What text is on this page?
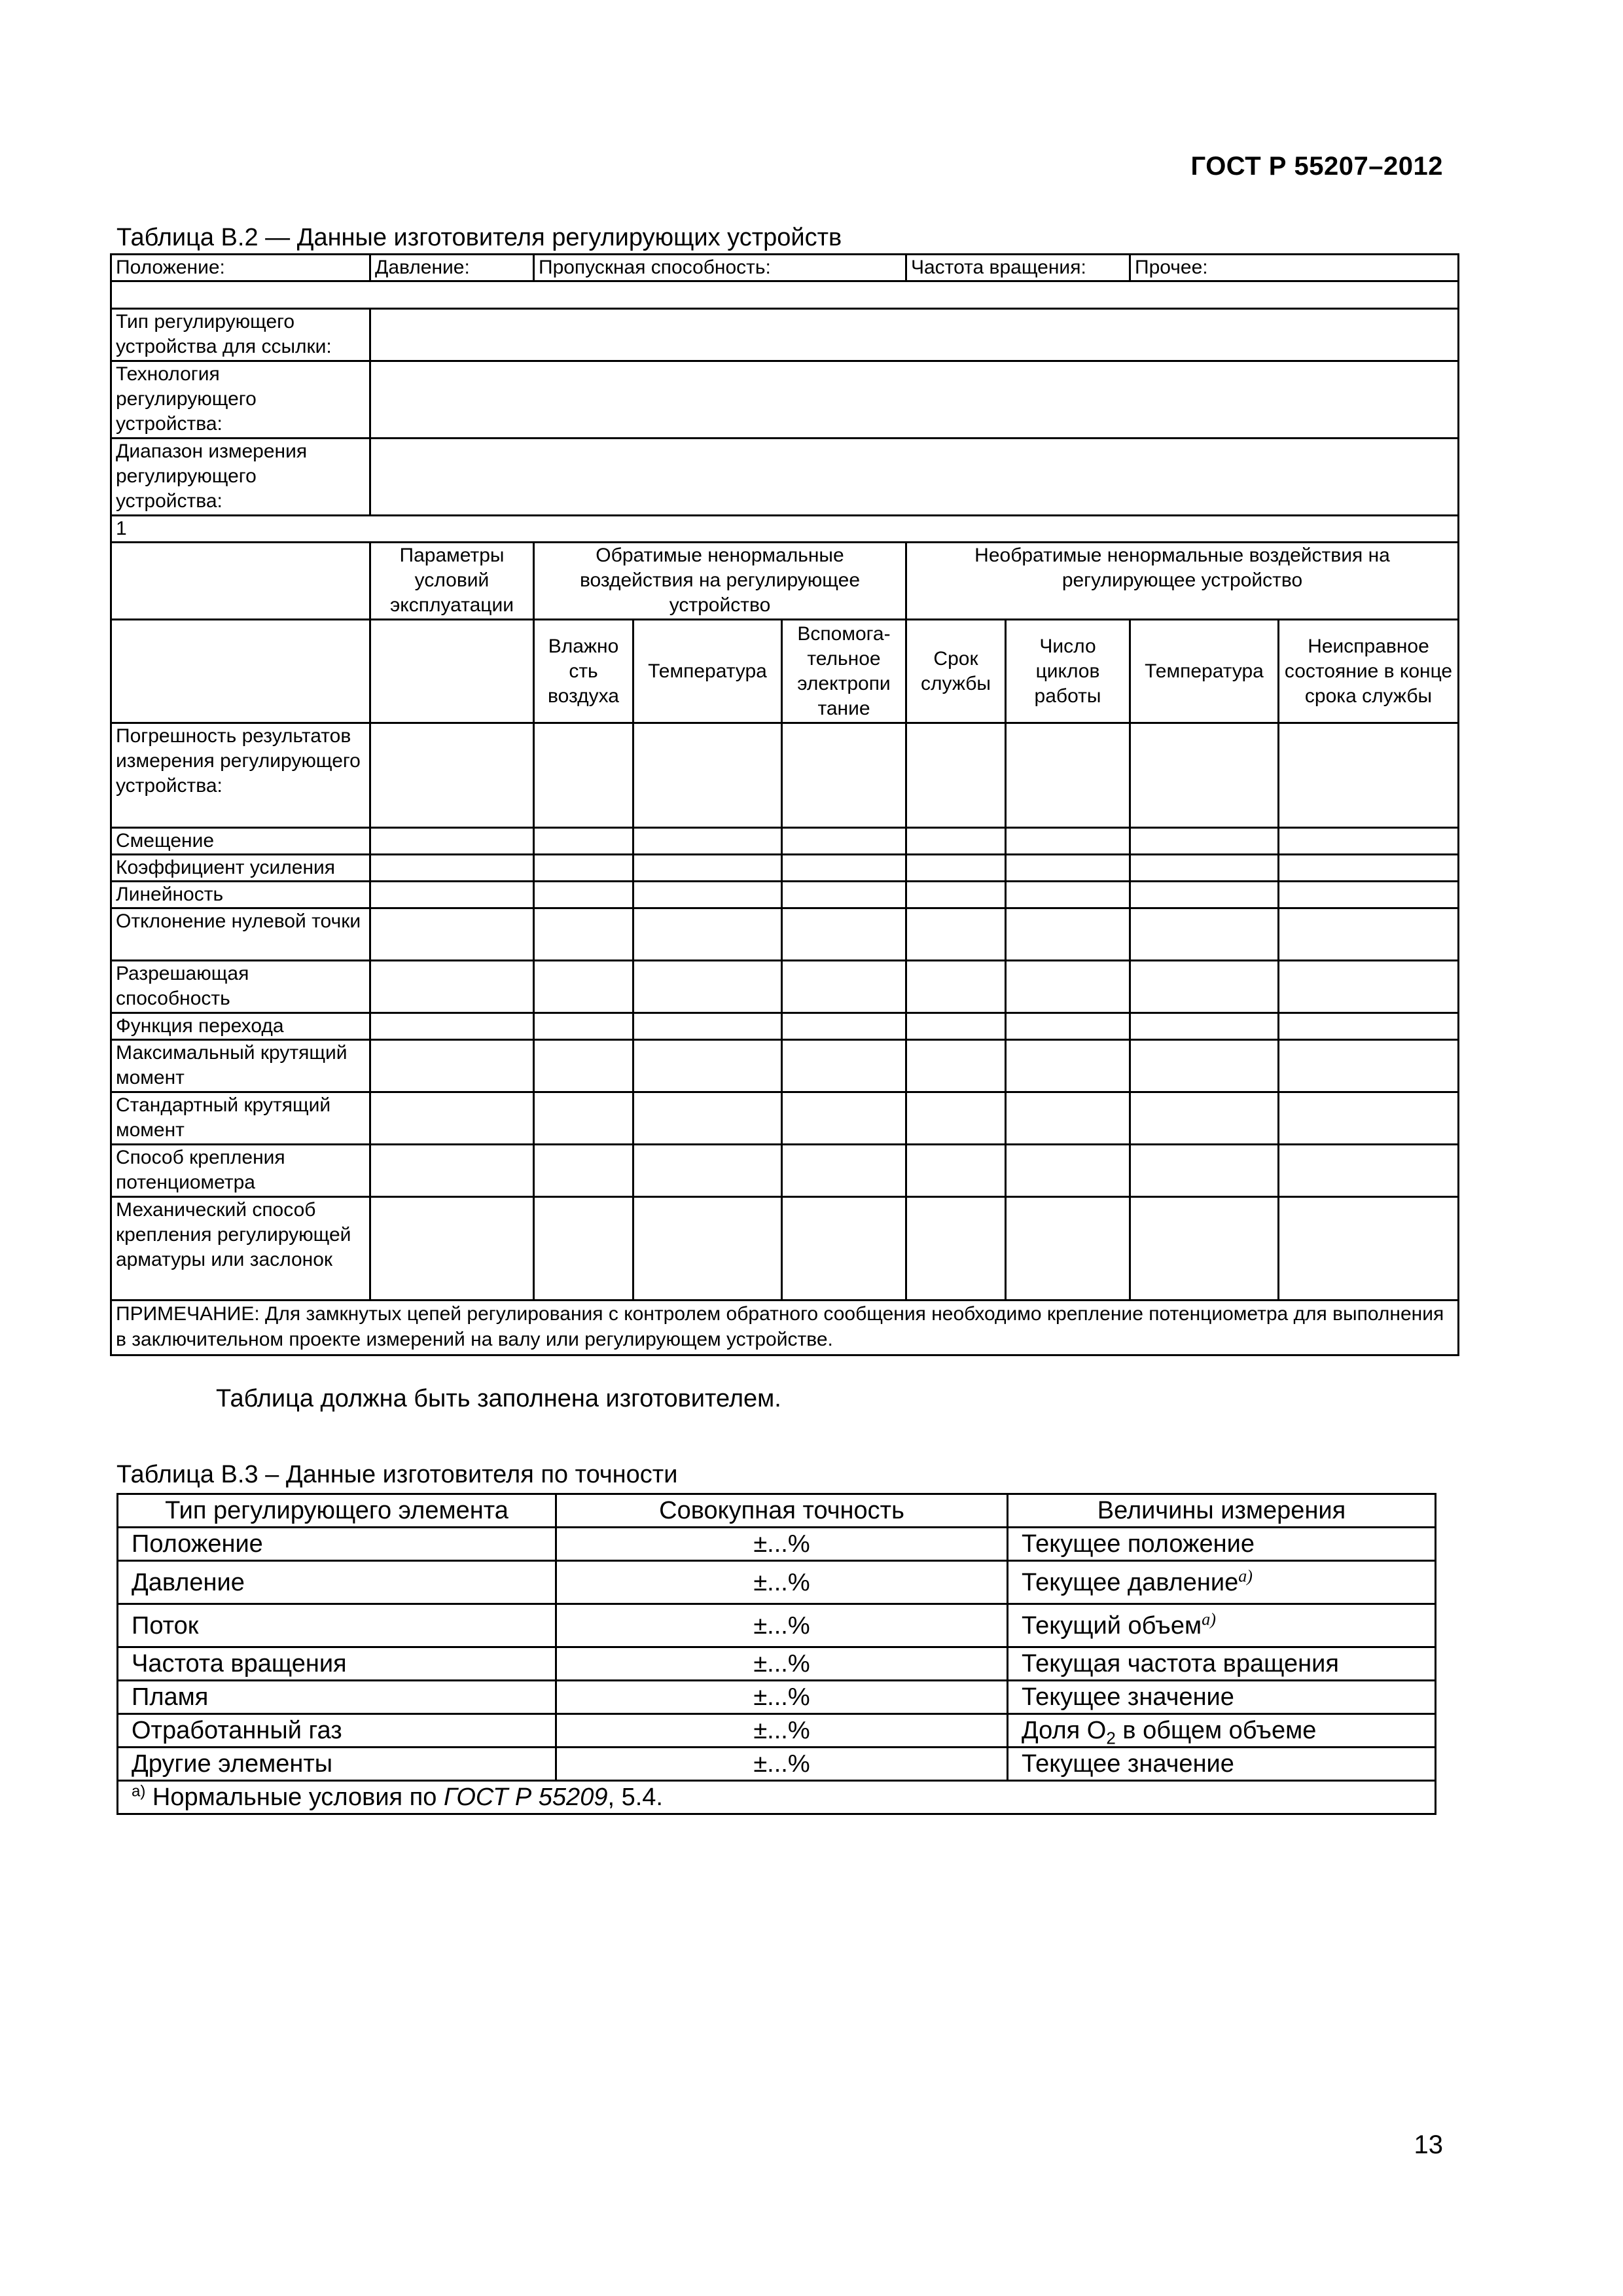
ГОСТ Р 55207–2012
Таблица В.2 — Данные изготовителя регулирующих устройств
Положение:	Давление:	Пропускная способность:			Частота вращения:		Прочее:	

Тип регулирующего устройства для ссылки:								
Технология регулирующего устройства:								
Диапазон измерения регулирующего устройства:								
1								
	Параметры условий эксплуатации	Обратимые ненормальные воздействия на регулирующее устройство			Необратимые ненормальные воздействия на регулирующее устройство			
		Влажно сть воздуха	Температура	Вспомога-тельное электропи тание	Срок службы	Число циклов работы	Температура	Неисправное состояние в конце срока службы
Погрешность результатов измерения регулирующего устройства:								
Смещение								
Коэффициент усиления								
Линейность								
Отклонение нулевой точки								
Разрешающая способность								
Функция перехода								
Максимальный крутящий момент								
Стандартный крутящий момент								
Способ крепления потенциометра								
Механический способ крепления регулирующей арматуры или заслонок								
ПРИМЕЧАНИЕ: Для замкнутых цепей регулирования с контролем обратного сообщения необходимо крепление потенциометра для выполнения в заключительном проекте измерений на валу или регулирующем устройстве.								
Таблица должна быть заполнена изготовителем.
Таблица В.3 – Данные изготовителя по точности
Тип регулирующего элемента	Совокупная точность	Величины измерения
Положение	±...%	Текущее положение
Давление	±...%	Текущее давление$^{a)}$
Поток	±...%	Текущий объем$^{a)}$
Частота вращения	±...%	Текущая частота вращения
Пламя	±...%	Текущее значение
Отработанный газ	±...%	Доля $O_2$ в общем объеме
Другие элементы	±...%	Текущее значение
$^{а)}$ Нормальные условия по ГОСТ Р 55209, 5.4.		
13
